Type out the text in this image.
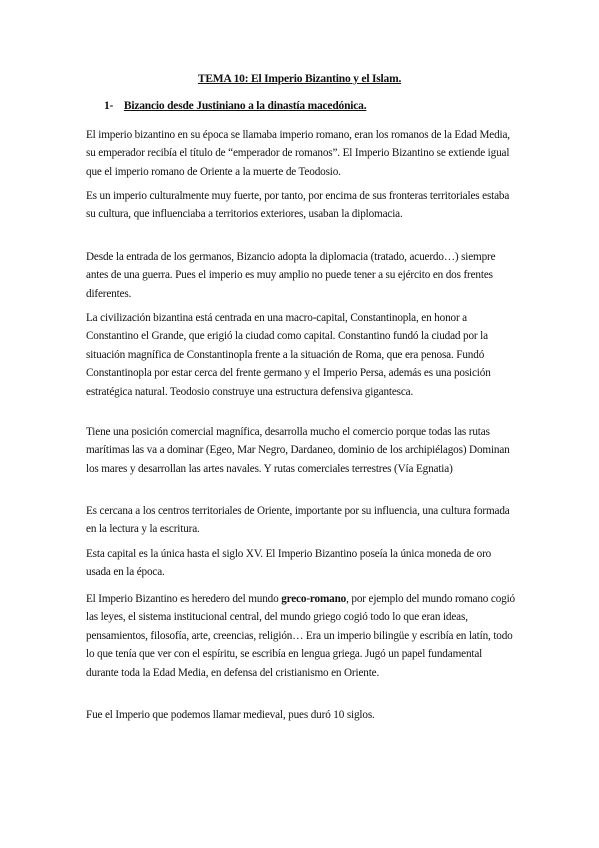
TEMA 10: El Imperio Bizantino y el Islam.
1- Bizancio desde Justiniano a la dinastía macedónica.

El imperio bizantino en su época se llamaba imperio romano, eran los romanos de la Edad Media, su emperador recibía el título de “emperador de romanos”. El Imperio Bizantino se extiende igual que el imperio romano de Oriente a la muerte de Teodosio.

Es un imperio culturalmente muy fuerte, por tanto, por encima de sus fronteras territoriales estaba su cultura, que influenciaba a territorios exteriores, usaban la diplomacia.

Desde la entrada de los germanos, Bizancio adopta la diplomacia (tratado, acuerdo…) siempre antes de una guerra. Pues el imperio es muy amplio no puede tener a su ejército en dos frentes diferentes.

La civilización bizantina está centrada en una macro-capital, Constantinopla, en honor a Constantino el Grande, que erigió la ciudad como capital. Constantino fundó la ciudad por la situación magnífica de Constantinopla frente a la situación de Roma, que era penosa. Fundó Constantinopla por estar cerca del frente germano y el Imperio Persa, además es una posición estratégica natural. Teodosio construye una estructura defensiva gigantesca.

Tiene una posición comercial magnífica, desarrolla mucho el comercio porque todas las rutas marítimas las va a dominar (Egeo, Mar Negro, Dardaneo, dominio de los archipiélagos) Dominan los mares y desarrollan las artes navales. Y rutas comerciales terrestres (Vía Egnatia)

Es cercana a los centros territoriales de Oriente, importante por su influencia, una cultura formada en la lectura y la escritura.

Esta capital es la única hasta el siglo XV. El Imperio Bizantino poseía la única moneda de oro usada en la época.

El Imperio Bizantino es heredero del mundo greco-romano, por ejemplo del mundo romano cogió las leyes, el sistema institucional central, del mundo griego cogió todo lo que eran ideas, pensamientos, filosofía, arte, creencias, religión… Era un imperio bilingüe y escribía en latín, todo lo que tenía que ver con el espíritu, se escribía en lengua griega. Jugó un papel fundamental durante toda la Edad Media, en defensa del cristianismo en Oriente.

Fue el Imperio que podemos llamar medieval, pues duró 10 siglos.
